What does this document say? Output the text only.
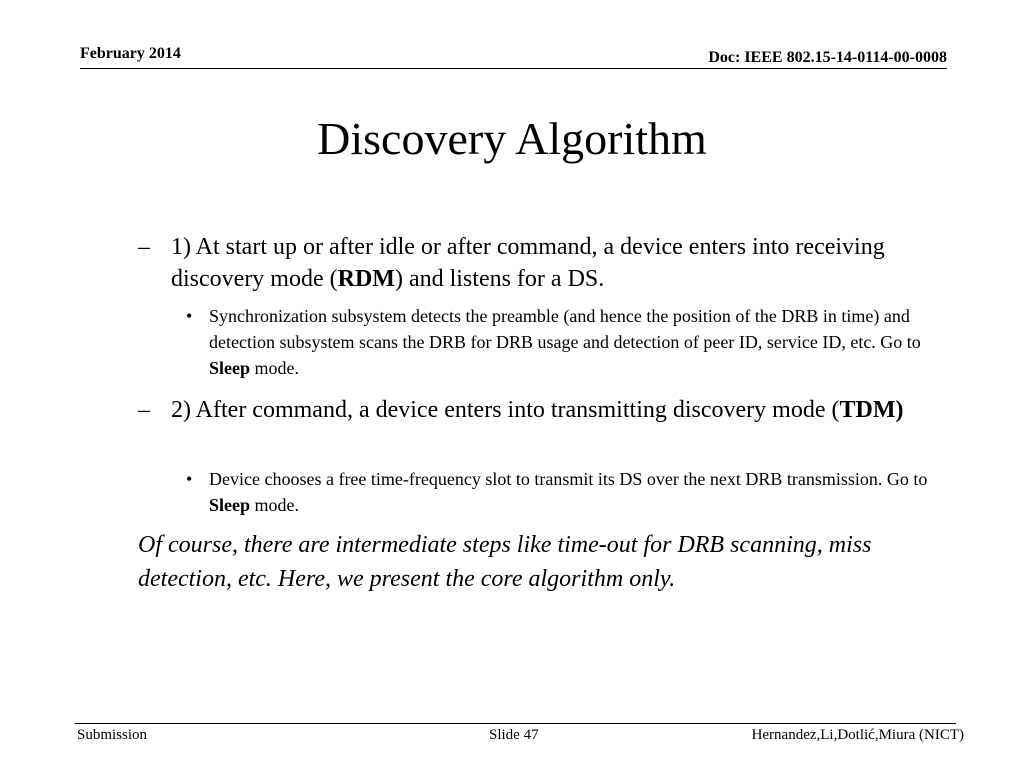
February 2014	Doc: IEEE 802.15-14-0114-00-0008
Discovery Algorithm
– 1) At start up or after idle or after command, a device enters into receiving discovery mode (RDM) and listens for a DS.
• Synchronization subsystem detects the preamble (and hence the position of the DRB in time) and detection subsystem scans the DRB for DRB usage and detection of peer ID, service ID, etc. Go to Sleep mode.
– 2) After command, a device enters into transmitting discovery mode (TDM)
• Device chooses a free time-frequency slot to transmit its DS over the next DRB transmission. Go to Sleep mode.
Of course, there are intermediate steps like time-out for DRB scanning, miss detection, etc. Here, we present the core algorithm only.
Submission	Slide 47	Hernandez,Li,Dotlić,Miura (NICT)
